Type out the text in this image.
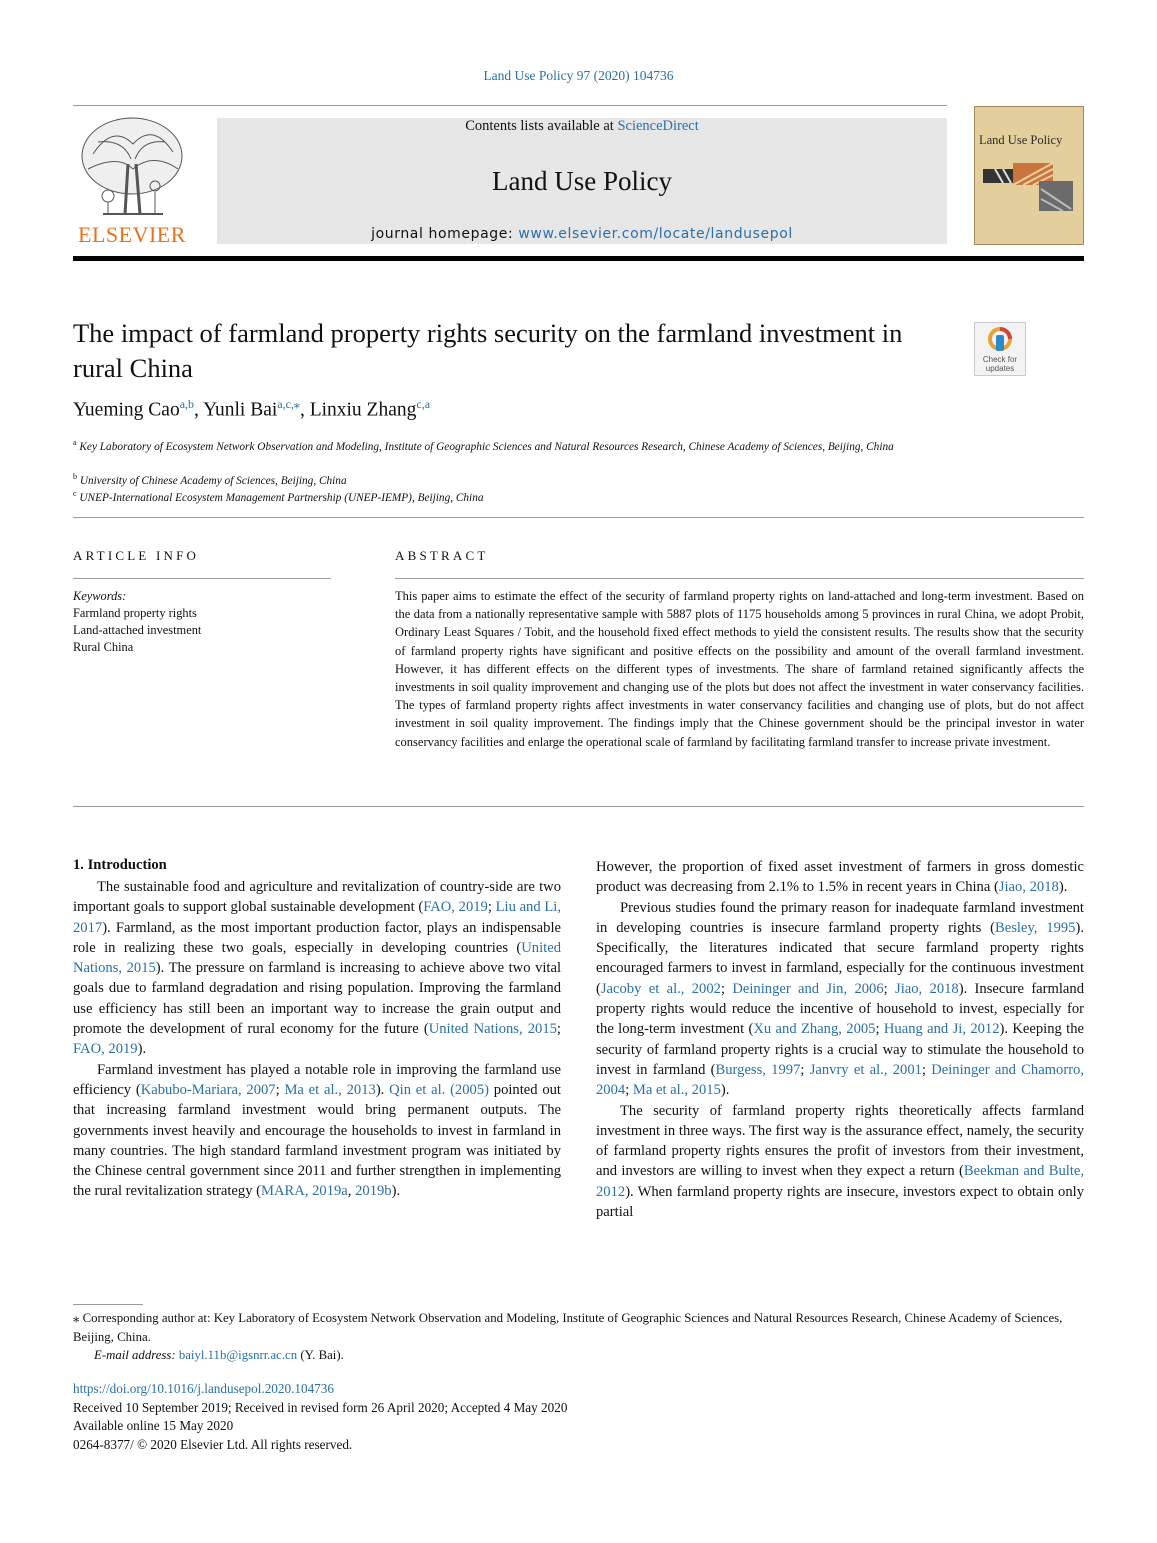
Land Use Policy 97 (2020) 104736
ELSEVIER
Contents lists available at ScienceDirect
Land Use Policy
journal homepage: www.elsevier.com/locate/landusepol
Land Use Policy
The impact of farmland property rights security on the farmland investment in rural China	Check for updates
Yueming Cao$^{a,b}$, Yunli Bai$^{a,c,⁎}$, Linxiu Zhang$^{c,a}$
$^a$ Key Laboratory of Ecosystem Network Observation and Modeling, Institute of Geographic Sciences and Natural Resources Research, Chinese Academy of Sciences, Beijing, China
$^b$ University of Chinese Academy of Sciences, Beijing, China
$^c$ UNEP-International Ecosystem Management Partnership (UNEP-IEMP), Beijing, China
ARTICLE INFO	ABSTRACT
Keywords:
Farmland property rights
Land-attached investment
Rural China
This paper aims to estimate the effect of the security of farmland property rights on land-attached and long-term investment. Based on the data from a nationally representative sample with 5887 plots of 1175 households among 5 provinces in rural China, we adopt Probit, Ordinary Least Squares / Tobit, and the household fixed effect methods to yield the consistent results. The results show that the security of farmland property rights have significant and positive effects on the possibility and amount of the overall farmland investment. However, it has different effects on the different types of investments. The share of farmland retained significantly affects the investments in soil quality improvement and changing use of the plots but does not affect the investment in water conservancy facilities. The types of farmland property rights affect investments in water conservancy facilities and changing use of plots, but do not affect investment in soil quality improvement. The findings imply that the Chinese government should be the principal investor in water conservancy facilities and enlarge the operational scale of farmland by facilitating farmland transfer to increase private investment.
1. Introduction

The sustainable food and agriculture and revitalization of country-side are two important goals to support global sustainable development (FAO, 2019; Liu and Li, 2017). Farmland, as the most important production factor, plays an indispensable role in realizing these two goals, especially in developing countries (United Nations, 2015). The pressure on farmland is increasing to achieve above two vital goals due to farmland degradation and rising population. Improving the farmland use efficiency has still been an important way to increase the grain output and promote the development of rural economy for the future (United Nations, 2015; FAO, 2019).

Farmland investment has played a notable role in improving the farmland use efficiency (Kabubo-Mariara, 2007; Ma et al., 2013). Qin et al. (2005) pointed out that increasing farmland investment would bring permanent outputs. The governments invest heavily and encourage the households to invest in farmland in many countries. The high standard farmland investment program was initiated by the Chinese central government since 2011 and further strengthen in implementing the rural revitalization strategy (MARA, 2019a, 2019b).

However, the proportion of fixed asset investment of farmers in gross domestic product was decreasing from 2.1% to 1.5% in recent years in China (Jiao, 2018).

Previous studies found the primary reason for inadequate farmland investment in developing countries is insecure farmland property rights (Besley, 1995). Specifically, the literatures indicated that secure farmland property rights encouraged farmers to invest in farmland, especially for the continuous investment (Jacoby et al., 2002; Deininger and Jin, 2006; Jiao, 2018). Insecure farmland property rights would reduce the incentive of household to invest, especially for the long-term investment (Xu and Zhang, 2005; Huang and Ji, 2012). Keeping the security of farmland property rights is a crucial way to stimulate the household to invest in farmland (Burgess, 1997; Janvry et al., 2001; Deininger and Chamorro, 2004; Ma et al., 2015).

The security of farmland property rights theoretically affects farmland investment in three ways. The first way is the assurance effect, namely, the security of farmland property rights ensures the profit of investors from their investment, and investors are willing to invest when they expect a return (Beekman and Bulte, 2012). When farmland property rights are insecure, investors expect to obtain only partial

⁎ Corresponding author at: Key Laboratory of Ecosystem Network Observation and Modeling, Institute of Geographic Sciences and Natural Resources Research, Chinese Academy of Sciences, Beijing, China.
E-mail address: baiyl.11b@igsnrr.ac.cn (Y. Bai).
https://doi.org/10.1016/j.landusepol.2020.104736
Received 10 September 2019; Received in revised form 26 April 2020; Accepted 4 May 2020
Available online 15 May 2020
0264-8377/ © 2020 Elsevier Ltd. All rights reserved.
